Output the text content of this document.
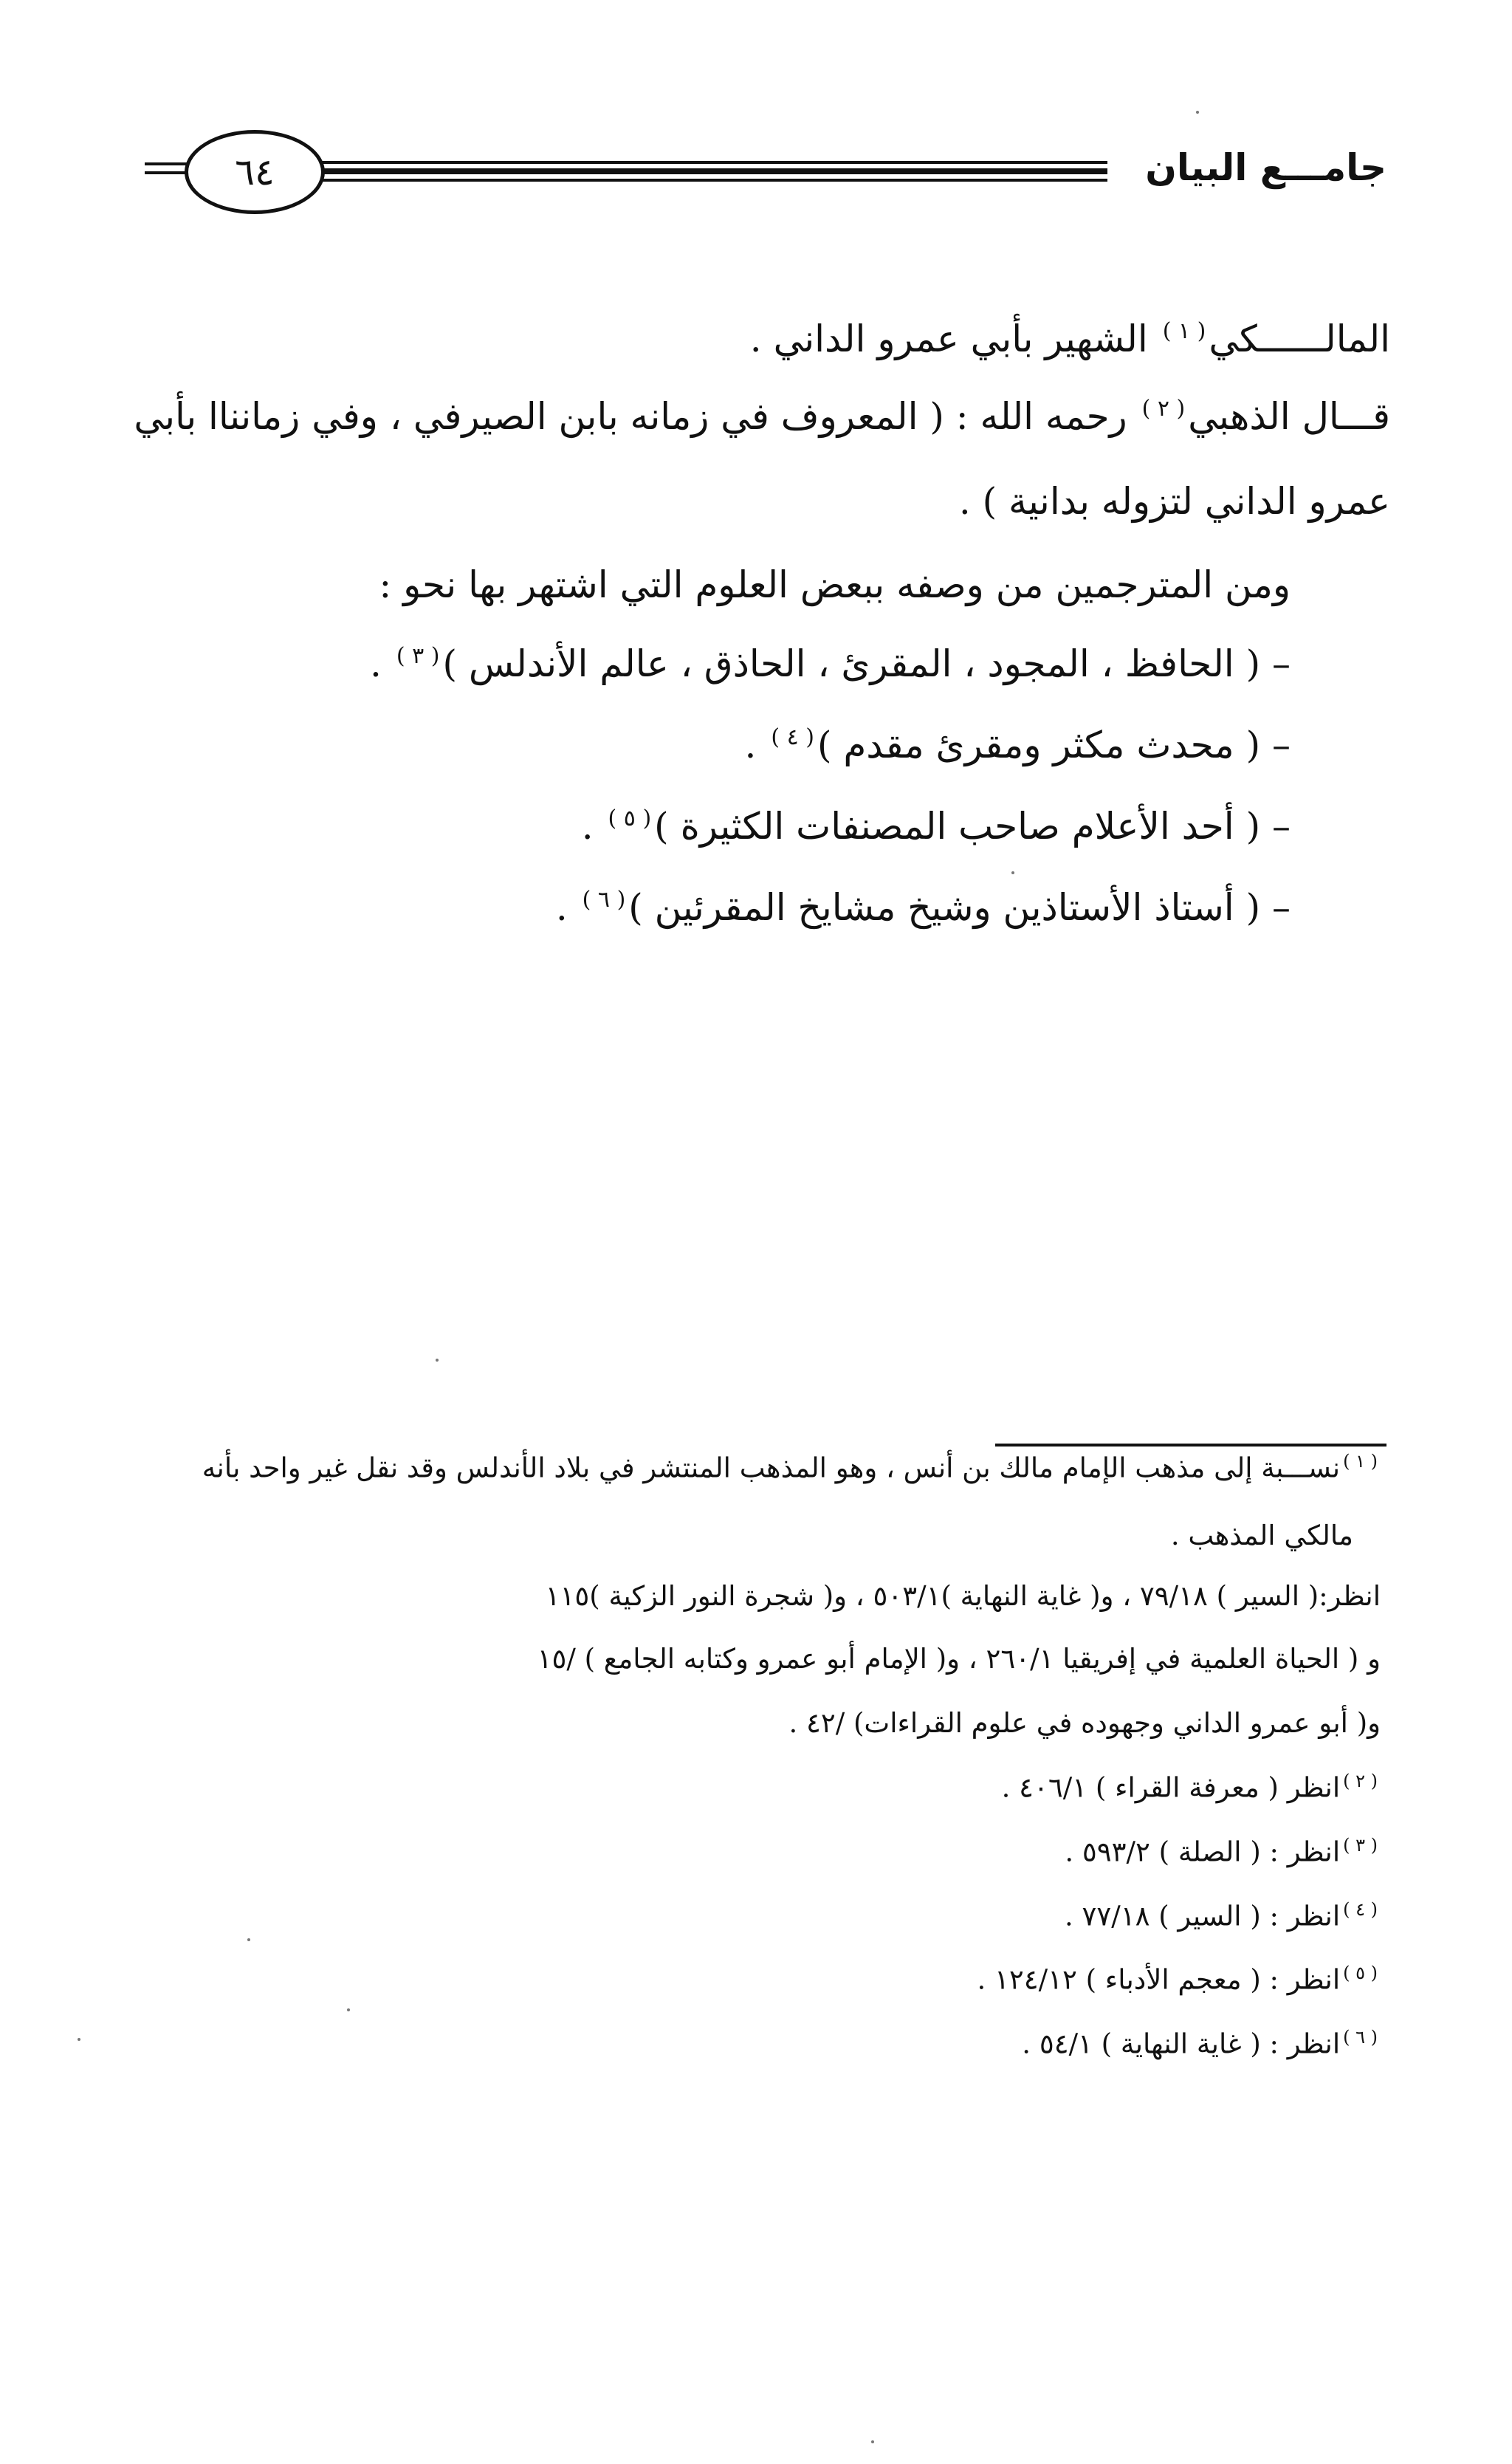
٦٤	جامـــع البيان
المالــــــكي$^{( ١ )}$ الشهير بأبي عمرو الداني .
قـــال الذهبي$^{( ٢ )}$ رحمه الله : ( المعروف في زمانه بابن الصيرفي ، وفي زمانناا بأبي
عمرو الداني لتزوله بدانية ) .
ومن المترجمين من وصفه ببعض العلوم التي اشتهر بها نحو :
– ( الحافظ ، المجود ، المقرئ ، الحاذق ، عالم الأندلس )$^{( ٣ )}$ .
– ( محدث مكثر ومقرئ مقدم )$^{( ٤ )}$ .
– ( أحد الأعلام صاحب المصنفات الكثيرة )$^{( ٥ )}$ .
– ( أستاذ الأستاذين وشيخ مشايخ المقرئين )$^{( ٦ )}$ .
$^{( ١ )}$نســـبة إلى مذهب الإمام مالك بن أنس ، وهو المذهب المنتشر في بلاد الأندلس وقد نقل غير واحد بأنه
مالكي المذهب .
انظر:( السير ) ٧٩/١٨ ، و( غاية النهاية )٥٠٣/١ ، و( شجرة النور الزكية )١١٥
و ( الحياة العلمية في إفريقيا ٢٦٠/١ ، و( الإمام أبو عمرو وكتابه الجامع ) /١٥
و( أبو عمرو الداني وجهوده في علوم القراءات) /٤٢ .
$^{( ٢ )}$انظر ( معرفة القراء ) ٤٠٦/١ .
$^{( ٣ )}$انظر : ( الصلة ) ٥٩٣/٢ .
$^{( ٤ )}$انظر : ( السير ) ٧٧/١٨ .
$^{( ٥ )}$انظر : ( معجم الأدباء ) ١٢٤/١٢ .
$^{( ٦ )}$انظر : ( غاية النهاية ) ٥٤/١ .
